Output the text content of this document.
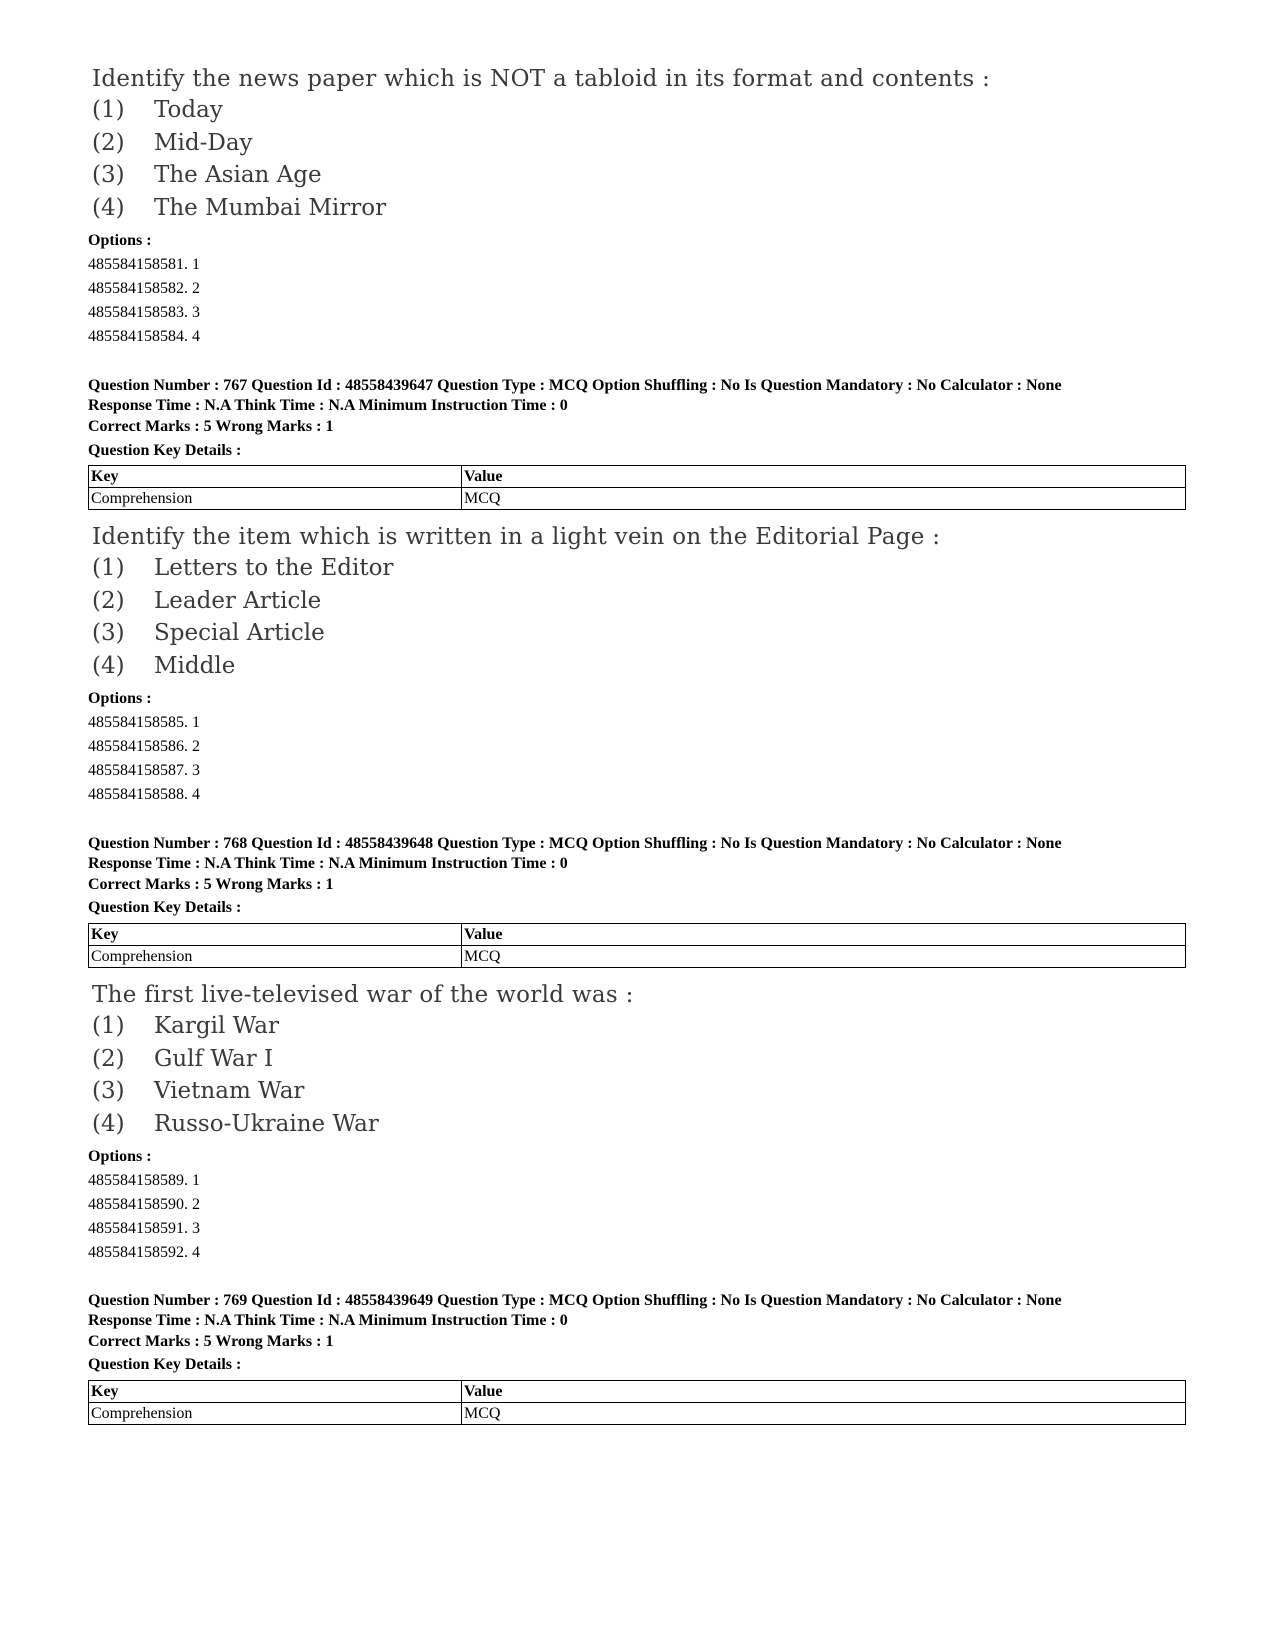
Identify the news paper which is NOT a tabloid in its format and contents :
(1)	Today
(2)	Mid-Day
(3)	The Asian Age
(4)	The Mumbai Mirror
Options :
485584158581. 1
485584158582. 2
485584158583. 3
485584158584. 4
Question Number : 767 Question Id : 48558439647 Question Type : MCQ Option Shuffling : No Is Question Mandatory : No Calculator : None
Response Time : N.A Think Time : N.A Minimum Instruction Time : 0
Correct Marks : 5 Wrong Marks : 1
Question Key Details :
Key	Value
Comprehension	MCQ
Identify the item which is written in a light vein on the Editorial Page :
(1)	Letters to the Editor
(2)	Leader Article
(3)	Special Article
(4)	Middle
Options :
485584158585. 1
485584158586. 2
485584158587. 3
485584158588. 4
Question Number : 768 Question Id : 48558439648 Question Type : MCQ Option Shuffling : No Is Question Mandatory : No Calculator : None
Response Time : N.A Think Time : N.A Minimum Instruction Time : 0
Correct Marks : 5 Wrong Marks : 1
Question Key Details :
Key	Value
Comprehension	MCQ
The first live-televised war of the world was :
(1)	Kargil War
(2)	Gulf War I
(3)	Vietnam War
(4)	Russo-Ukraine War
Options :
485584158589. 1
485584158590. 2
485584158591. 3
485584158592. 4
Question Number : 769 Question Id : 48558439649 Question Type : MCQ Option Shuffling : No Is Question Mandatory : No Calculator : None
Response Time : N.A Think Time : N.A Minimum Instruction Time : 0
Correct Marks : 5 Wrong Marks : 1
Question Key Details :
Key	Value
Comprehension	MCQ
